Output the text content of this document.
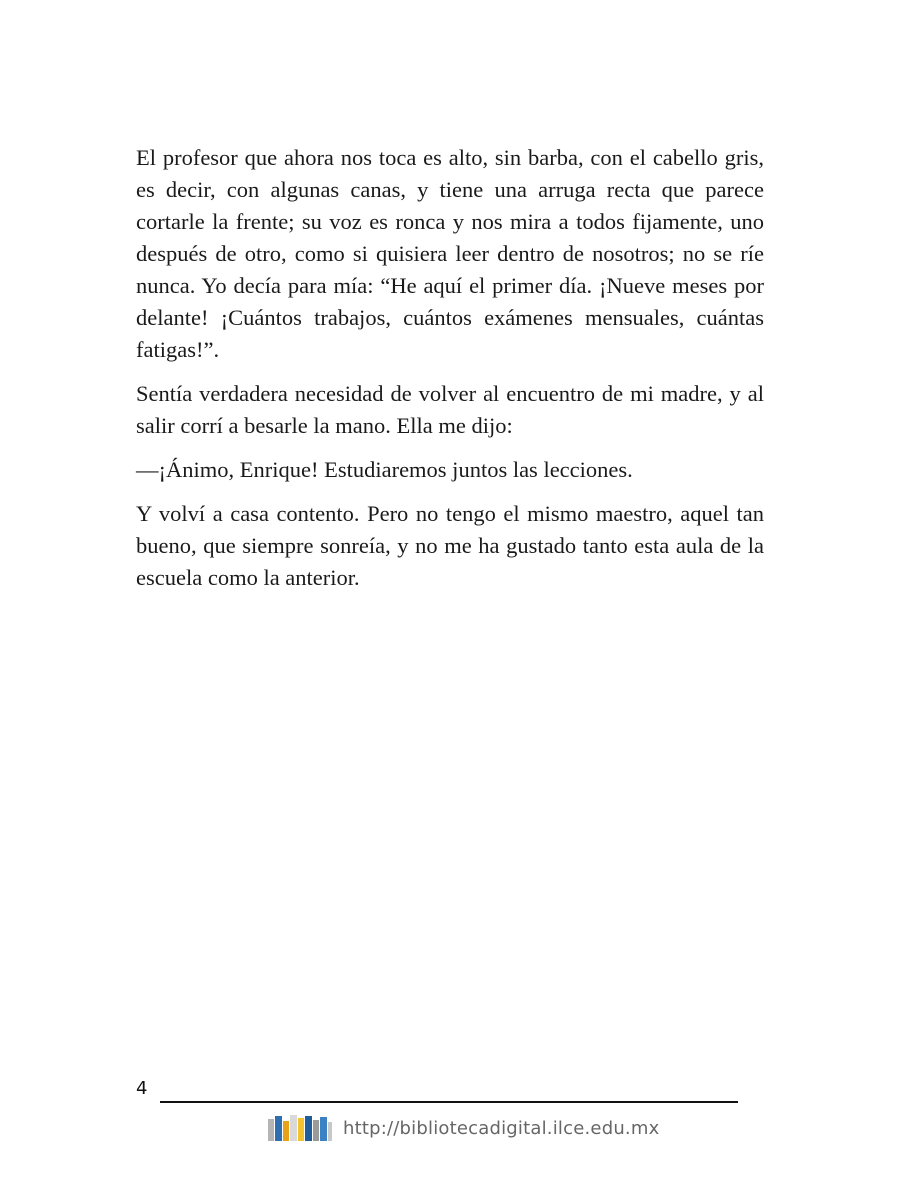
El profesor que ahora nos toca es alto, sin barba, con el cabello gris, es decir, con algunas canas, y tiene una arruga recta que parece cortarle la frente; su voz es ronca y nos mira a todos fijamente, uno después de otro, como si quisiera leer dentro de nosotros; no se ríe nunca. Yo decía para mía: “He aquí el primer día. ¡Nueve meses por delante! ¡Cuántos trabajos, cuántos exámenes mensuales, cuántas fatigas!”.

Sentía verdadera necesidad de volver al encuentro de mi madre, y al salir corrí a besarle la mano. Ella me dijo:

—¡Ánimo, Enrique! Estudiaremos juntos las lecciones.

Y volví a casa contento. Pero no tengo el mismo maestro, aquel tan bueno, que siempre sonreía, y no me ha gustado tanto esta aula de la escuela como la anterior.

4
http://bibliotecadigital.ilce.edu.mx
